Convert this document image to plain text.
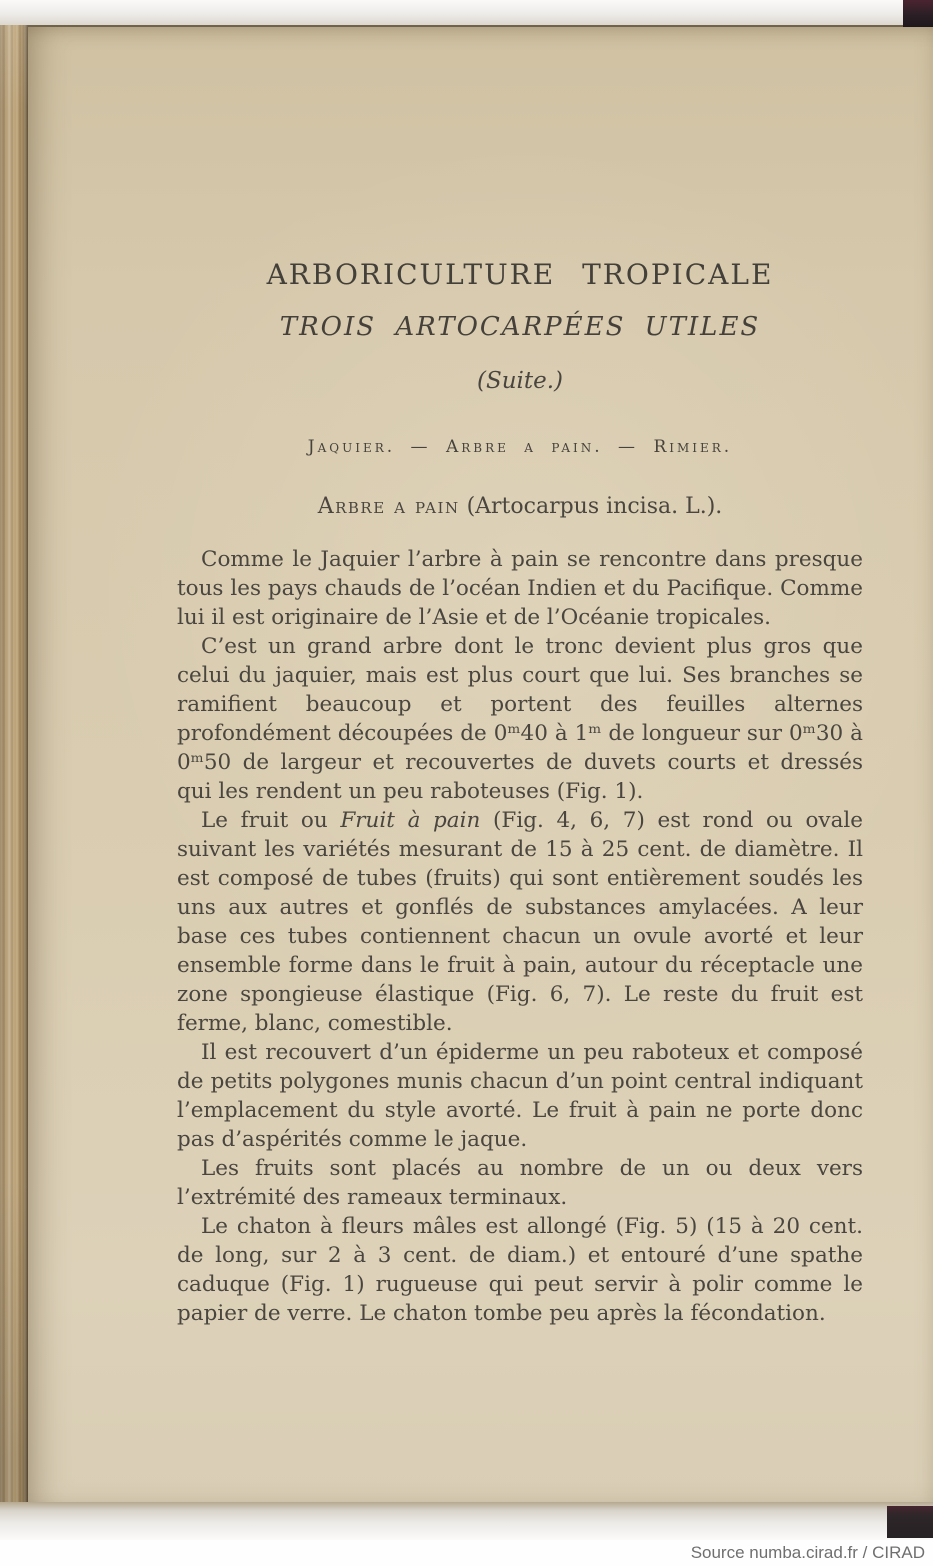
ARBORICULTURE TROPICALE
TROIS ARTOCARPÉES UTILES
(Suite.)
Jaquier. — Arbre a pain. — Rimier.
Arbre a pain (Artocarpus incisa. L.).

Comme le Jaquier l’arbre à pain se rencontre dans presque tous les pays chauds de l’océan Indien et du Pacifique. Comme lui il est originaire de l’Asie et de l’Océanie tropicales.

C’est un grand arbre dont le tronc devient plus gros que celui du jaquier, mais est plus court que lui. Ses branches se ramifient beaucoup et portent des feuilles alternes profondément découpées de 0ᵐ40 à 1ᵐ de longueur sur 0ᵐ30 à 0ᵐ50 de largeur et recouvertes de duvets courts et dressés qui les rendent un peu raboteuses (Fig. 1).

Le fruit ou Fruit à pain (Fig. 4, 6, 7) est rond ou ovale suivant les variétés mesurant de 15 à 25 cent. de diamètre. Il est composé de tubes (fruits) qui sont entièrement soudés les uns aux autres et gonflés de substances amylacées. A leur base ces tubes contiennent chacun un ovule avorté et leur ensemble forme dans le fruit à pain, autour du réceptacle une zone spongieuse élastique (Fig. 6, 7). Le reste du fruit est ferme, blanc, comestible.

Il est recouvert d’un épiderme un peu raboteux et composé de petits polygones munis chacun d’un point central indiquant l’emplacement du style avorté. Le fruit à pain ne porte donc pas d’aspérités comme le jaque.

Les fruits sont placés au nombre de un ou deux vers l’extrémité des rameaux terminaux.

Le chaton à fleurs mâles est allongé (Fig. 5) (15 à 20 cent. de long, sur 2 à 3 cent. de diam.) et entouré d’une spathe caduque (Fig. 1) rugueuse qui peut servir à polir comme le papier de verre. Le chaton tombe peu après la fécondation.

Source numba.cirad.fr / CIRAD
